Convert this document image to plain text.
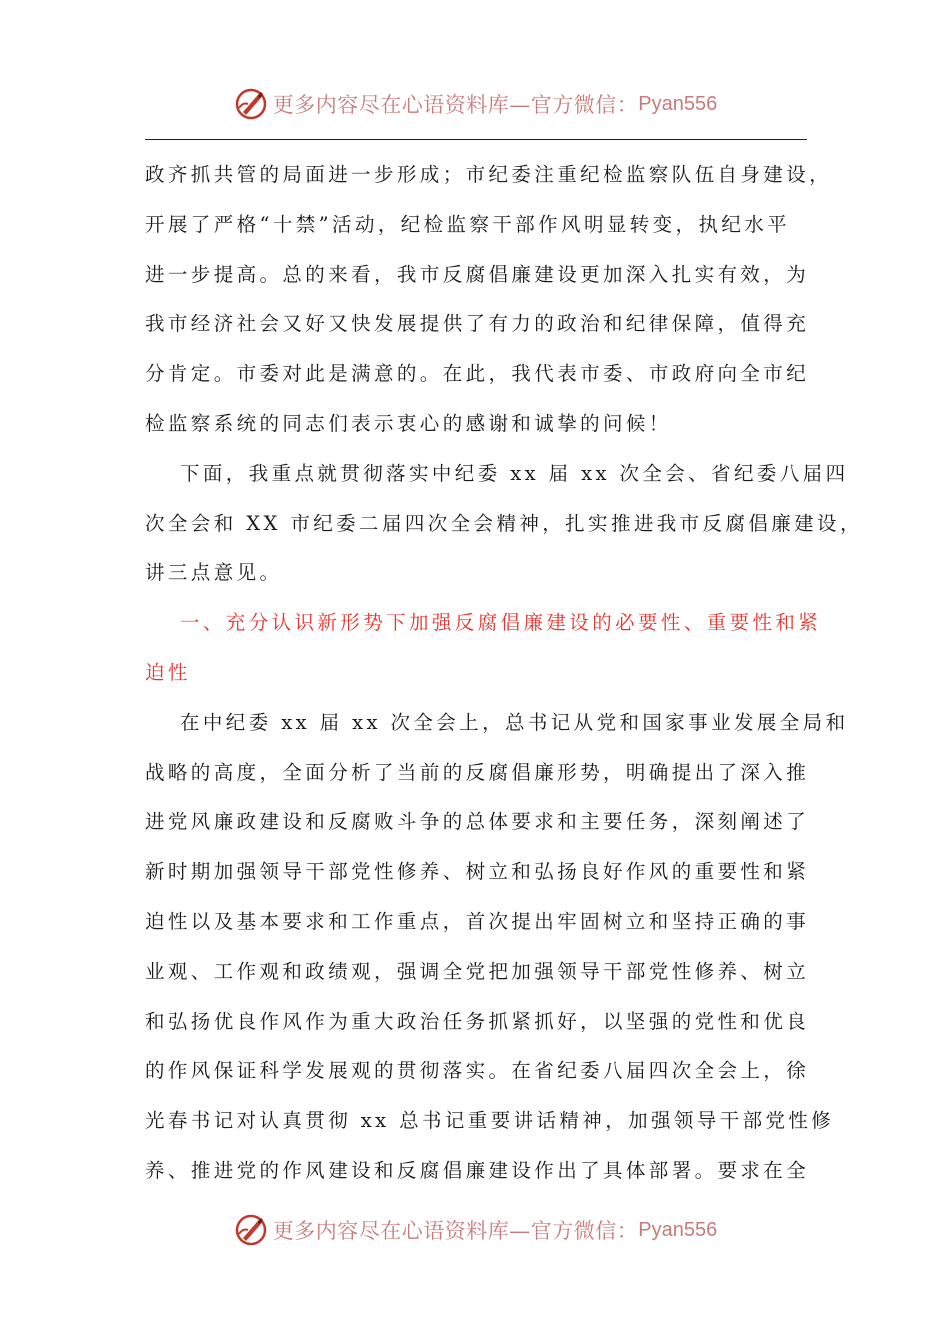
更多内容尽在心语资料库—官方微信： Pyan556
政齐抓共管的局面进一步形成；市纪委注重纪检监察队伍自身建设，
开展了严格“十禁”活动，纪检监察干部作风明显转变，执纪水平
进一步提高。总的来看，我市反腐倡廉建设更加深入扎实有效，为
我市经济社会又好又快发展提供了有力的政治和纪律保障，值得充
分肯定。市委对此是满意的。在此，我代表市委、市政府向全市纪
检监察系统的同志们表示衷心的感谢和诚挚的问候！
下面，我重点就贯彻落实中纪委 xx 届 xx 次全会、省纪委八届四
次全会和 XX 市纪委二届四次全会精神，扎实推进我市反腐倡廉建设，
讲三点意见。
一、充分认识新形势下加强反腐倡廉建设的必要性、重要性和紧
迫性
在中纪委 xx 届 xx 次全会上，总书记从党和国家事业发展全局和
战略的高度，全面分析了当前的反腐倡廉形势，明确提出了深入推
进党风廉政建设和反腐败斗争的总体要求和主要任务，深刻阐述了
新时期加强领导干部党性修养、树立和弘扬良好作风的重要性和紧
迫性以及基本要求和工作重点，首次提出牢固树立和坚持正确的事
业观、工作观和政绩观，强调全党把加强领导干部党性修养、树立
和弘扬优良作风作为重大政治任务抓紧抓好，以坚强的党性和优良
的作风保证科学发展观的贯彻落实。在省纪委八届四次全会上，徐
光春书记对认真贯彻 xx 总书记重要讲话精神，加强领导干部党性修
养、推进党的作风建设和反腐倡廉建设作出了具体部署。要求在全
更多内容尽在心语资料库—官方微信： Pyan556
